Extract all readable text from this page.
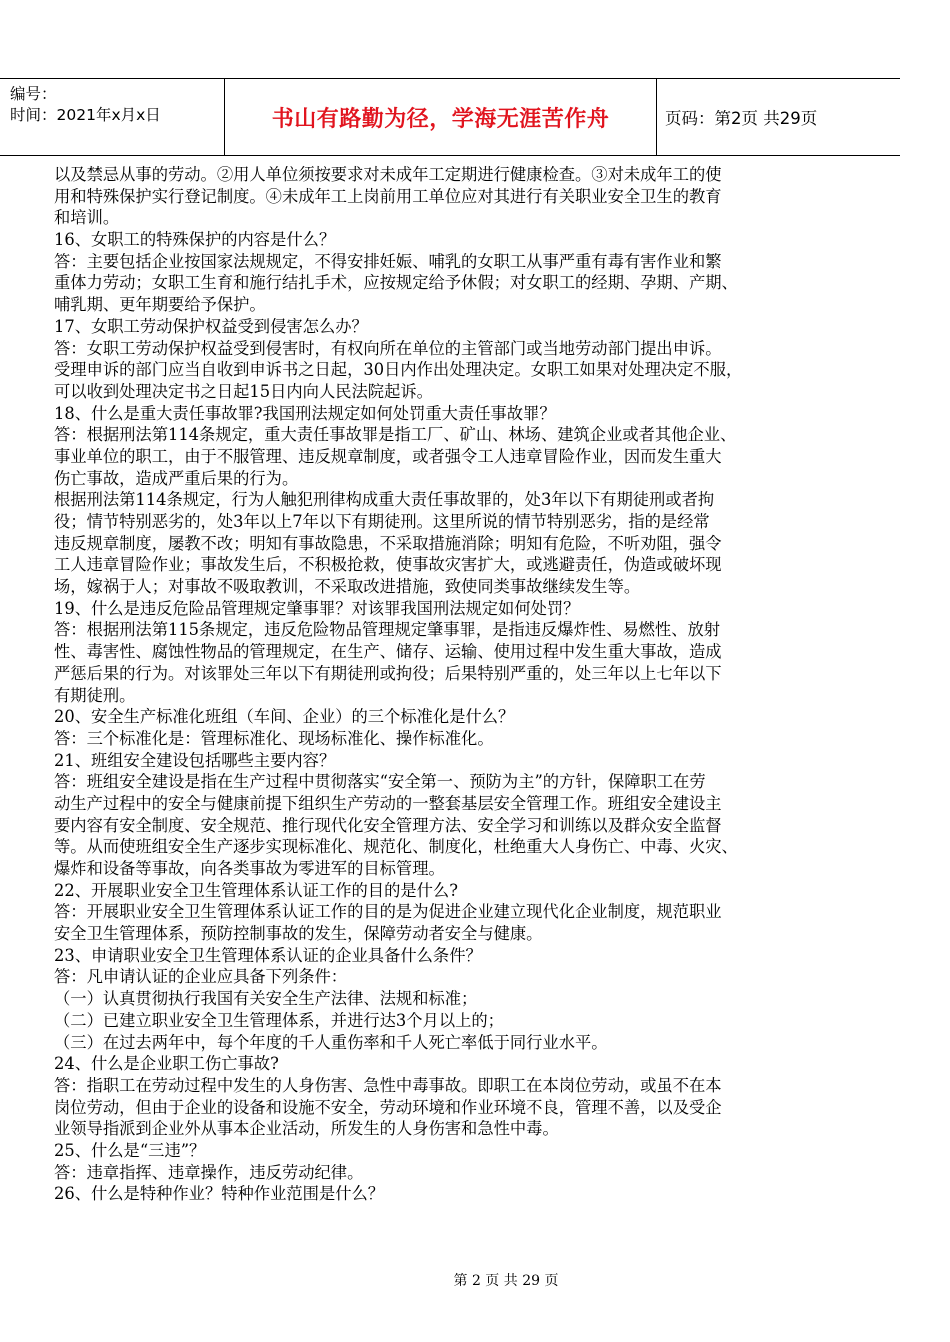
编号：
时间：2021年x月x日	书山有路勤为径，学海无涯苦作舟	页码：第2页 共29页
以及禁忌从事的劳动。②用人单位须按要求对未成年工定期进行健康检查。③对未成年工的使
用和特殊保护实行登记制度。④未成年工上岗前用工单位应对其进行有关职业安全卫生的教育
和培训。
16、女职工的特殊保护的内容是什么？
答：主要包括企业按国家法规规定，不得安排妊娠、哺乳的女职工从事严重有毒有害作业和繁
重体力劳动；女职工生育和施行结扎手术，应按规定给予休假；对女职工的经期、孕期、产期、
哺乳期、更年期要给予保护。
17、女职工劳动保护权益受到侵害怎么办？
答：女职工劳动保护权益受到侵害时，有权向所在单位的主管部门或当地劳动部门提出申诉。
受理申诉的部门应当自收到申诉书之日起，30日内作出处理决定。女职工如果对处理决定不服，
可以收到处理决定书之日起15日内向人民法院起诉。
18、什么是重大责任事故罪?我国刑法规定如何处罚重大责任事故罪？
答：根据刑法第114条规定，重大责任事故罪是指工厂、矿山、林场、建筑企业或者其他企业、
事业单位的职工，由于不服管理、违反规章制度，或者强令工人违章冒险作业，因而发生重大
伤亡事故，造成严重后果的行为。
根据刑法第114条规定，行为人触犯刑律构成重大责任事故罪的，处3年以下有期徒刑或者拘
役；情节特别恶劣的，处3年以上7年以下有期徒刑。这里所说的情节特别恶劣，指的是经常
违反规章制度，屡教不改；明知有事故隐患，不采取措施消除；明知有危险，不听劝阻，强令
工人违章冒险作业；事故发生后，不积极抢救，使事故灾害扩大，或逃避责任，伪造或破坏现
场，嫁祸于人；对事故不吸取教训，不采取改进措施，致使同类事故继续发生等。
19、什么是违反危险品管理规定肇事罪？对该罪我国刑法规定如何处罚？
答：根据刑法第115条规定，违反危险物品管理规定肇事罪，是指违反爆炸性、易燃性、放射
性、毒害性、腐蚀性物品的管理规定，在生产、储存、运输、使用过程中发生重大事故，造成
严惩后果的行为。对该罪处三年以下有期徒刑或拘役；后果特别严重的，处三年以上七年以下
有期徒刑。
20、安全生产标准化班组（车间、企业）的三个标准化是什么？
答：三个标准化是：管理标准化、现场标准化、操作标准化。
21、班组安全建设包括哪些主要内容？
答：班组安全建设是指在生产过程中贯彻落实“安全第一、预防为主”的方针，保障职工在劳
动生产过程中的安全与健康前提下组织生产劳动的一整套基层安全管理工作。班组安全建设主
要内容有安全制度、安全规范、推行现代化安全管理方法、安全学习和训练以及群众安全监督
等。从而使班组安全生产逐步实现标准化、规范化、制度化，杜绝重大人身伤亡、中毒、火灾、
爆炸和设备等事故，向各类事故为零进军的目标管理。
22、开展职业安全卫生管理体系认证工作的目的是什么?
答：开展职业安全卫生管理体系认证工作的目的是为促进企业建立现代化企业制度，规范职业
安全卫生管理体系，预防控制事故的发生，保障劳动者安全与健康。
23、申请职业安全卫生管理体系认证的企业具备什么条件？
答：凡申请认证的企业应具备下列条件：
（一）认真贯彻执行我国有关安全生产法律、法规和标准；
（二）已建立职业安全卫生管理体系，并进行达3个月以上的；
（三）在过去两年中，每个年度的千人重伤率和千人死亡率低于同行业水平。
24、什么是企业职工伤亡事故?
答：指职工在劳动过程中发生的人身伤害、急性中毒事故。即职工在本岗位劳动，或虽不在本
岗位劳动，但由于企业的设备和设施不安全，劳动环境和作业环境不良，管理不善，以及受企
业领导指派到企业外从事本企业活动，所发生的人身伤害和急性中毒。
25、什么是“三违”？
答：违章指挥、违章操作，违反劳动纪律。
26、什么是特种作业？特种作业范围是什么？
第 2 页 共 29 页
